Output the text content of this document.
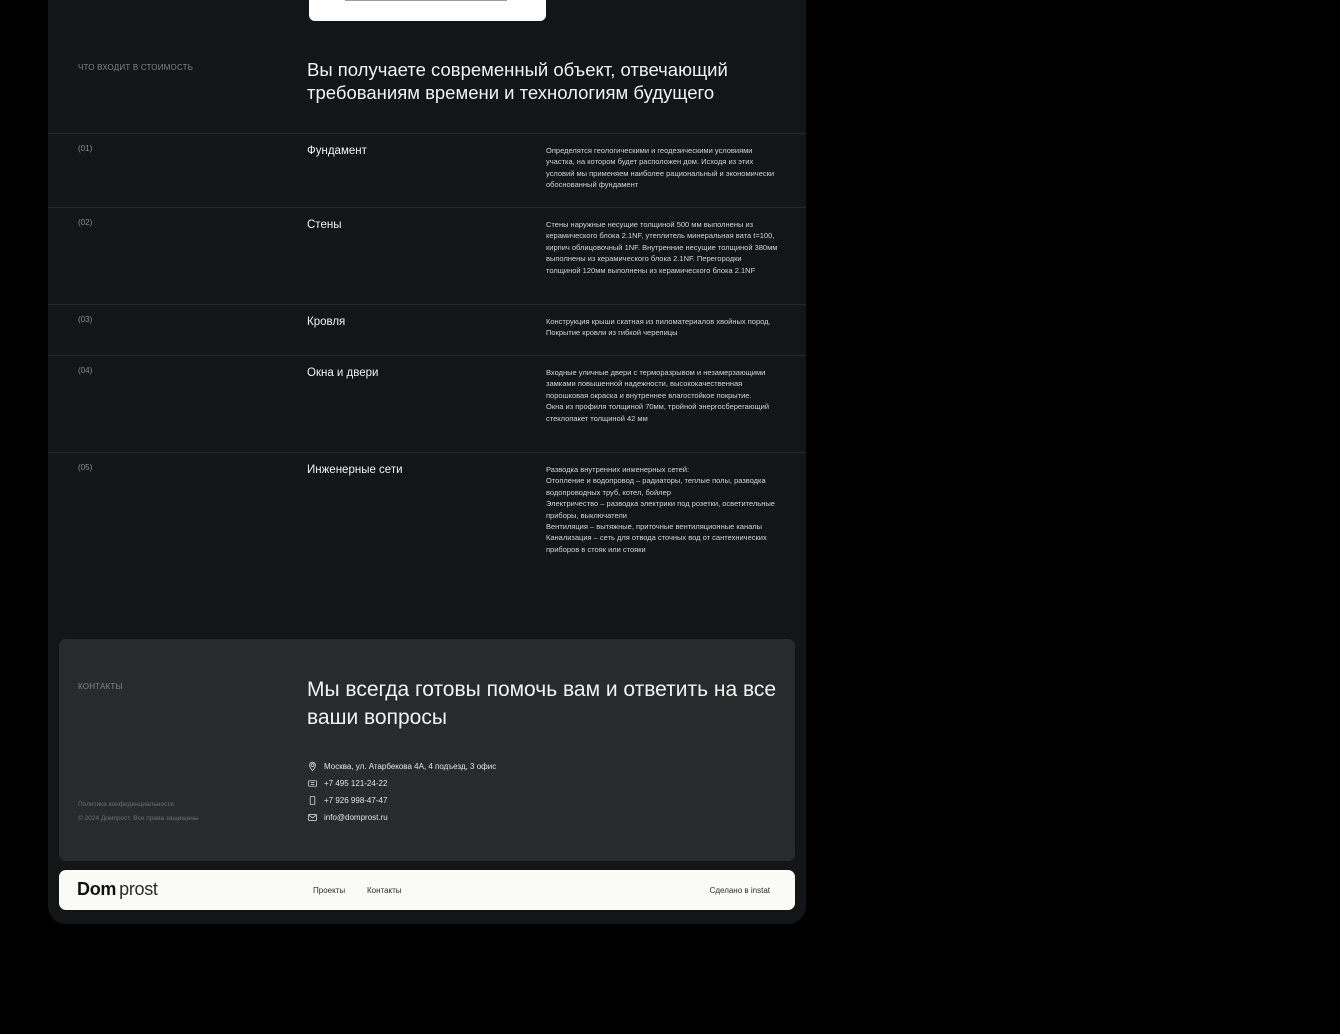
ЧТО ВХОДИТ В СТОИМОСТЬ	Вы получаете современный объект, отвечающий требованиям времени и технологиям будущего
(01)	Фундамент	Определятся геологическими и геодезическими условиями участка, на котором будет расположен дом. Исходя из этих условий мы применяем наиболее рациональный и экономически обоснованный фундамент
(02)	Стены	Стены наружные несущие толщиной 500 мм выполнены из керамического блока 2.1NF, утеплитель минеральная вата t=100, кирпич облицовочный 1NF. Внутренние несущие толщиной 380мм выполнены из керамического блока 2.1NF. Перегородки толщиной 120мм выполнены из керамического блока 2.1NF
(03)	Кровля	Конструкция крыши скатная из пиломатериалов хвойных пород. Покрытие кровли из гибкой черепицы
(04)	Окна и двери	Входные уличные двери с терморазрывом и незамерзающими замками повышенной надежности, высококачественная порошковая окраска и внутреннее влагостойкое покрытие.
Окна из профиля толщиной 70мм, тройной энергосберегающий стеклопакет толщиной 42 мм
(05)	Инженерные сети	Разводка внутренних инженерных сетей:
Отопление и водопровод – радиаторы, теплые полы, разводка водопроводных труб, котел, бойлер
Электричество – разводка электрики под розетки, осветительные приборы, выключатели
Вентиляция – вытяжные, приточные вентиляционные каналы
Канализация – сеть для отвода сточных вод от сантехнических приборов в стояк или стояки
КОНТАКТЫ	Мы всегда готовы помочь вам и ответить на все ваши вопросы
Москва, ул. Атарбекова 4А, 4 подъезд, 3 офис
+7 495 121-24-22
+7 926 998-47-47
info@domprost.ru
Политика конфиденциальности
© 2024 Домпрост. Все права защищены
Dom prost	Проекты	Контакты	Сделано в instat
